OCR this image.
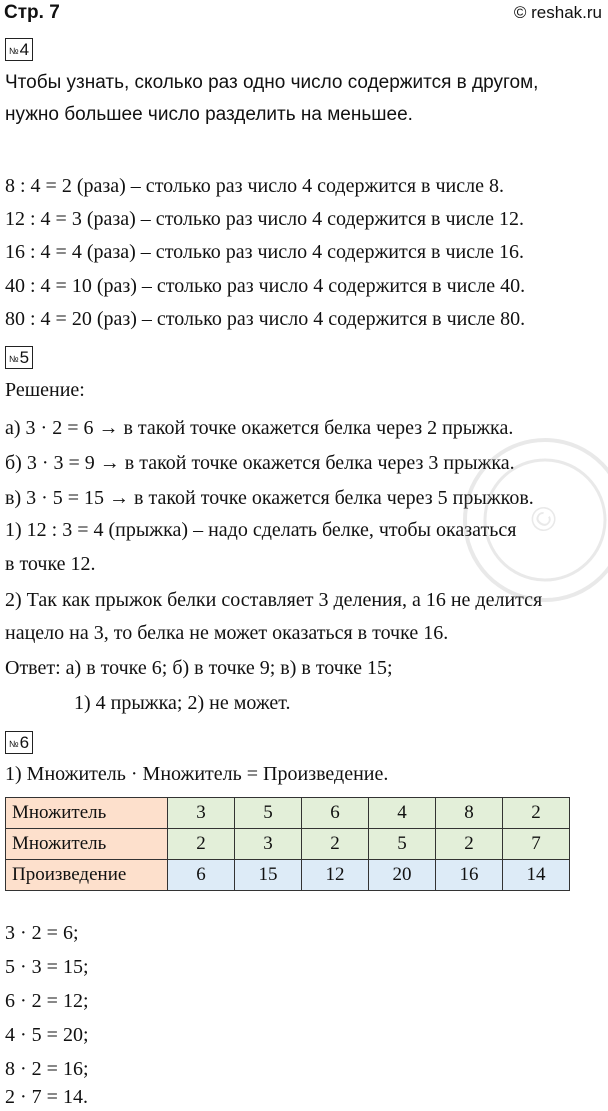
Стр. 7	© reshak.ru
№ 4
Чтобы узнать, сколько раз одно число содержится в другом,
нужно большее число разделить на меньшее.
8 : 4 = 2 (раза) – столько раз число 4 содержится в числе 8.
12 : 4 = 3 (раза) – столько раз число 4 содержится в числе 12.
16 : 4 = 4 (раза) – столько раз число 4 содержится в числе 16.
40 : 4 = 10 (раз) – столько раз число 4 содержится в числе 40.
80 : 4 = 20 (раз) – столько раз число 4 содержится в числе 80.
№ 5
Решение:
а) 3 · 2 = 6 → в такой точке окажется белка через 2 прыжка.
б) 3 · 3 = 9 → в такой точке окажется белка через 3 прыжка.
в) 3 · 5 = 15 → в такой точке окажется белка через 5 прыжков.
1) 12 : 3 = 4 (прыжка) – надо сделать белке, чтобы оказаться
в точке 12.
2) Так как прыжок белки составляет 3 деления, а 16 не делится
нацело на 3, то белка не может оказаться в точке 16.
Ответ: а) в точке 6; б) в точке 9; в) в точке 15;
1) 4 прыжка; 2) не может.
©
№ 6
1) Множитель · Множитель = Произведение.
Множитель	3	5	6	4	8	2
Множитель	2	3	2	5	2	7
Произведение	6	15	12	20	16	14
3 · 2 = 6;
5 · 3 = 15;
6 · 2 = 12;
4 · 5 = 20;
8 · 2 = 16;
2 · 7 = 14.
